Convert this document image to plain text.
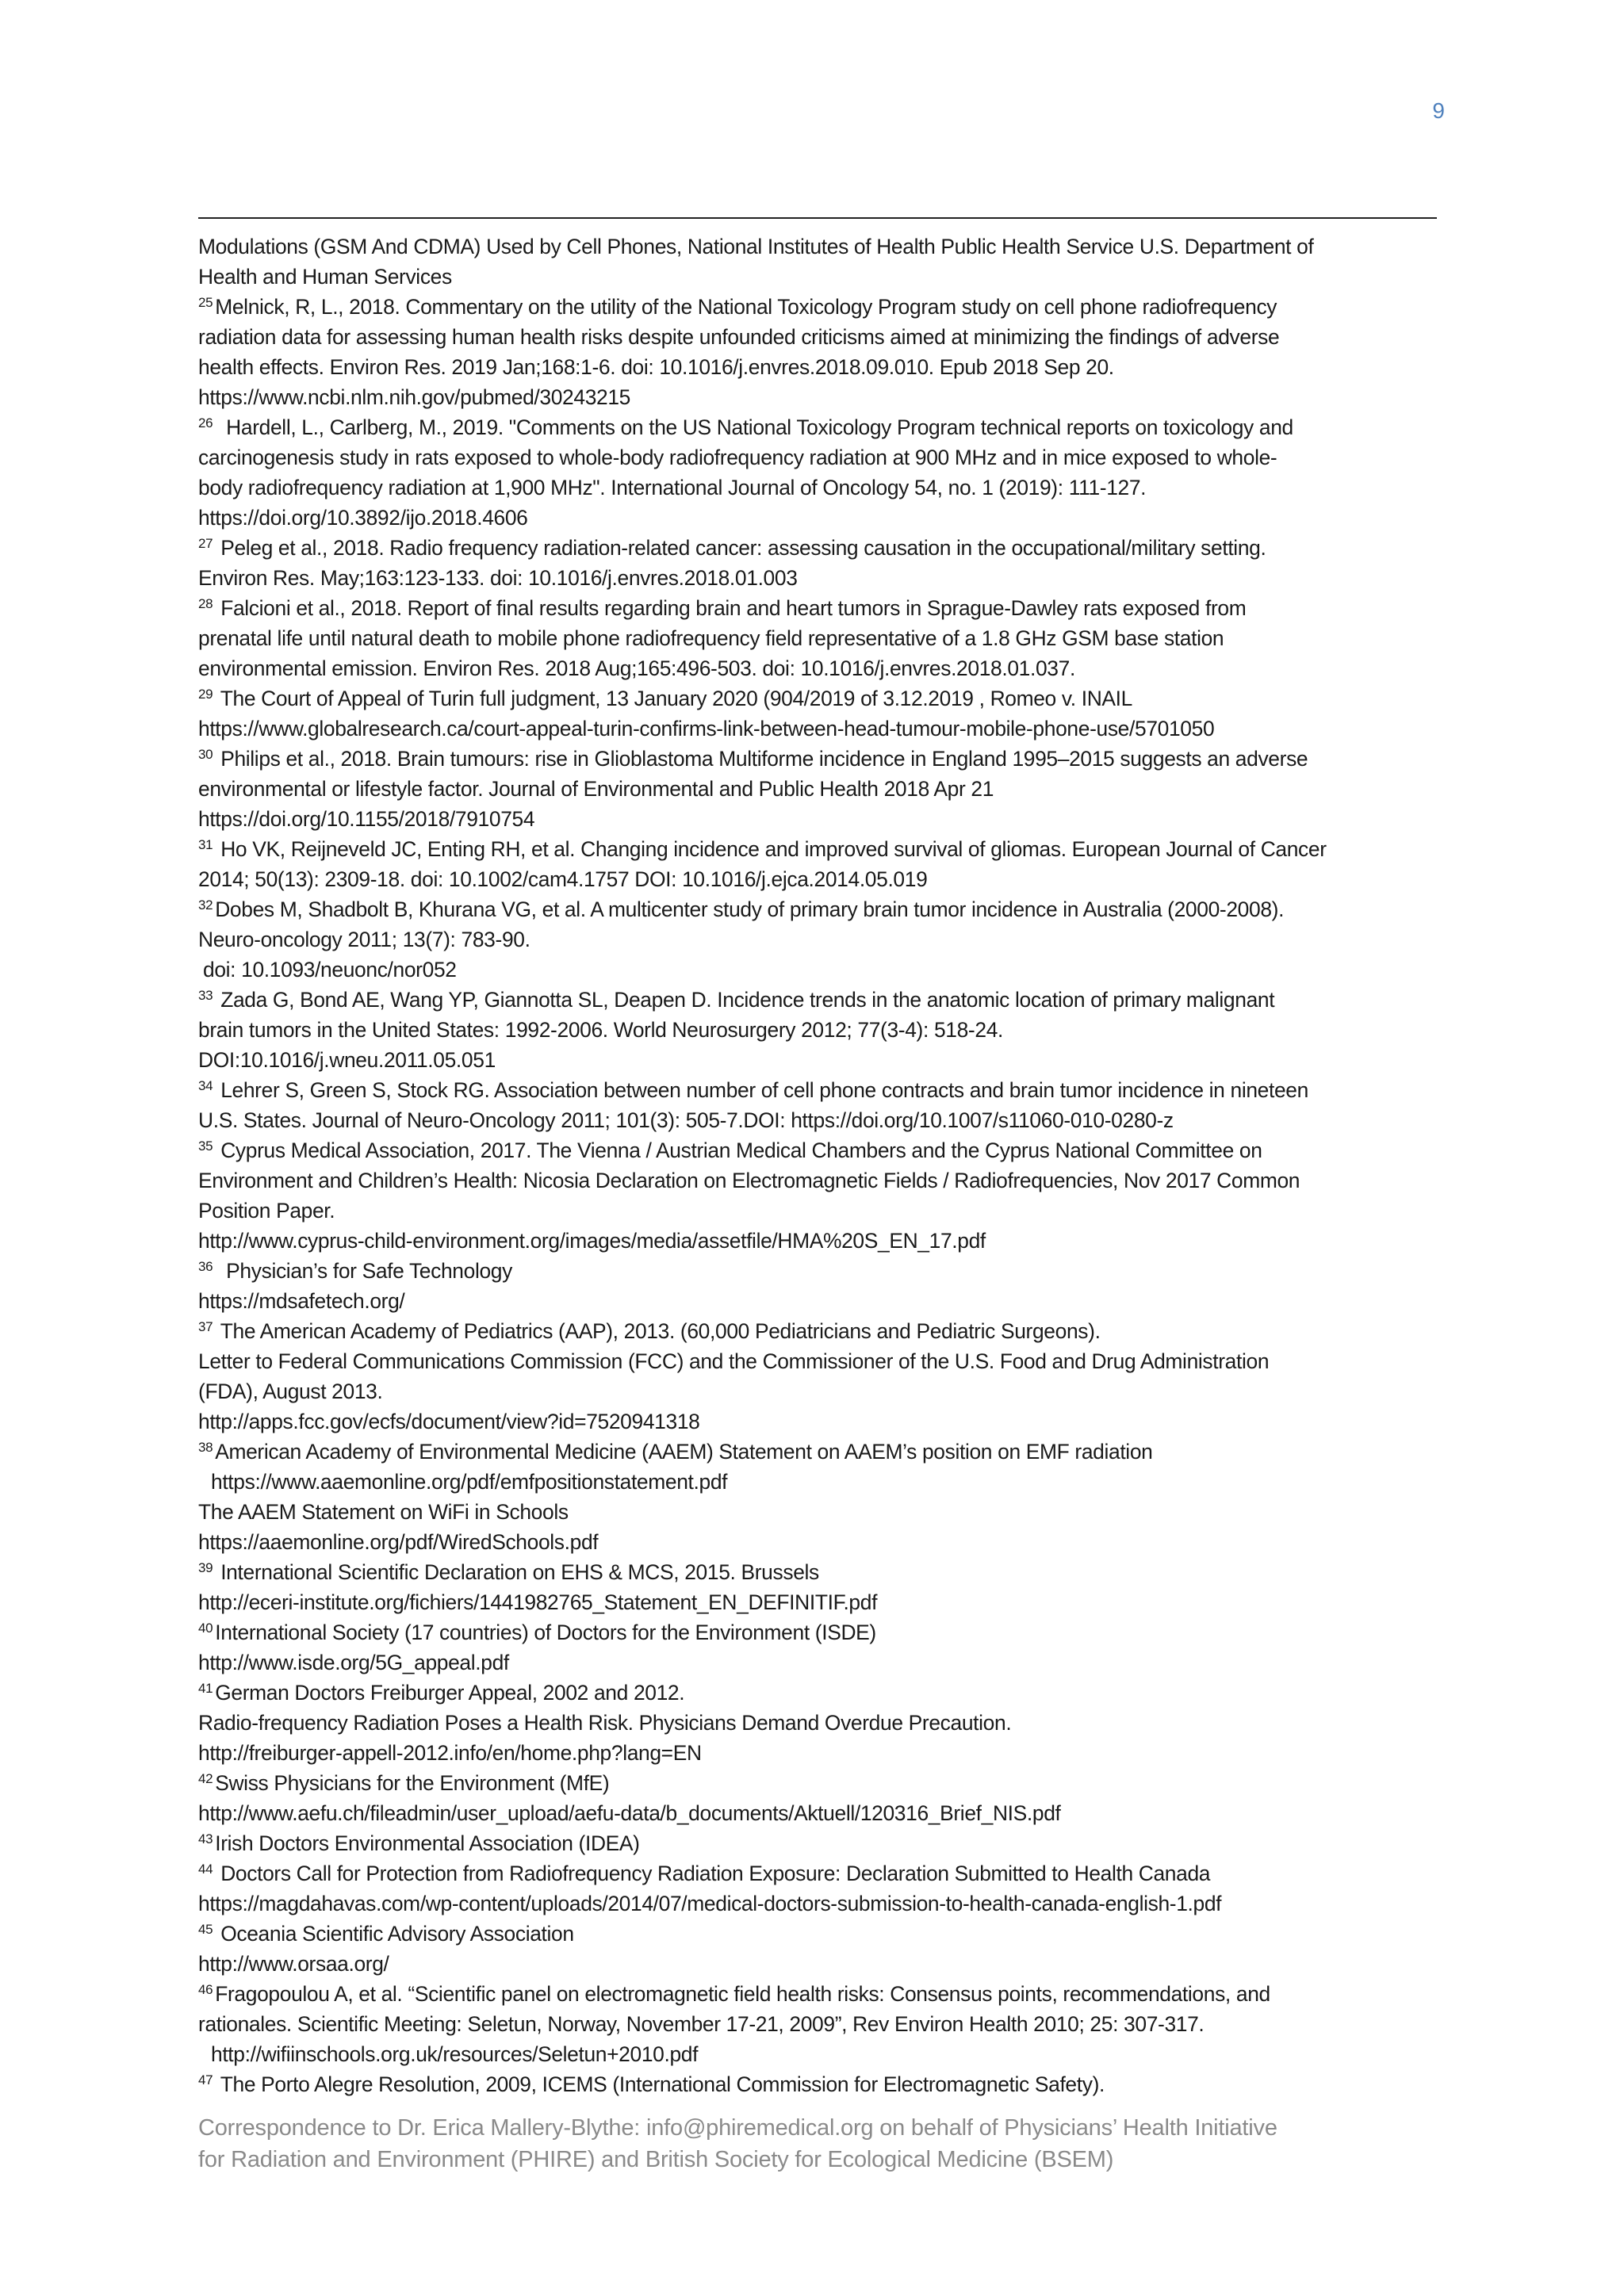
9
Modulations (GSM And CDMA) Used by Cell Phones, National Institutes of Health Public Health Service U.S. Department of
Health and Human Services
$^{25}$ Melnick, R, L., 2018. Commentary on the utility of the National Toxicology Program study on cell phone radiofrequency
radiation data for assessing human health risks despite unfounded criticisms aimed at minimizing the findings of adverse
health effects. Environ Res. 2019 Jan;168:1-6. doi: 10.1016/j.envres.2018.09.010. Epub 2018 Sep 20.
https://www.ncbi.nlm.nih.gov/pubmed/30243215
$^{26}$  Hardell, L., Carlberg, M., 2019. "Comments on the US National Toxicology Program technical reports on toxicology and
carcinogenesis study in rats exposed to whole-body radiofrequency radiation at 900 MHz and in mice exposed to whole-
body radiofrequency radiation at 1,900 MHz". International Journal of Oncology 54, no. 1 (2019): 111-127.
https://doi.org/10.3892/ijo.2018.4606
$^{27}$ Peleg et al., 2018. Radio frequency radiation-related cancer: assessing causation in the occupational/military setting.
Environ Res. May;163:123-133. doi: 10.1016/j.envres.2018.01.003
$^{28}$ Falcioni et al., 2018. Report of final results regarding brain and heart tumors in Sprague-Dawley rats exposed from
prenatal life until natural death to mobile phone radiofrequency field representative of a 1.8 GHz GSM base station
environmental emission. Environ Res. 2018 Aug;165:496-503. doi: 10.1016/j.envres.2018.01.037.
$^{29}$ The Court of Appeal of Turin full judgment, 13 January 2020 (904/2019 of 3.12.2019 , Romeo v. INAIL
https://www.globalresearch.ca/court-appeal-turin-confirms-link-between-head-tumour-mobile-phone-use/5701050
$^{30}$ Philips et al., 2018. Brain tumours: rise in Glioblastoma Multiforme incidence in England 1995–2015 suggests an adverse
environmental or lifestyle factor. Journal of Environmental and Public Health 2018 Apr 21
https://doi.org/10.1155/2018/7910754
$^{31}$ Ho VK, Reijneveld JC, Enting RH, et al. Changing incidence and improved survival of gliomas. European Journal of Cancer
2014; 50(13): 2309-18. doi: 10.1002/cam4.1757 DOI: 10.1016/j.ejca.2014.05.019
$^{32}$ Dobes M, Shadbolt B, Khurana VG, et al. A multicenter study of primary brain tumor incidence in Australia (2000-2008).
Neuro-oncology 2011; 13(7): 783-90.
doi: 10.1093/neuonc/nor052
$^{33}$ Zada G, Bond AE, Wang YP, Giannotta SL, Deapen D. Incidence trends in the anatomic location of primary malignant
brain tumors in the United States: 1992-2006. World Neurosurgery 2012; 77(3-4): 518-24.
DOI:10.1016/j.wneu.2011.05.051
$^{34}$ Lehrer S, Green S, Stock RG. Association between number of cell phone contracts and brain tumor incidence in nineteen
U.S. States. Journal of Neuro-Oncology 2011; 101(3): 505-7.DOI: https://doi.org/10.1007/s11060-010-0280-z
$^{35}$ Cyprus Medical Association, 2017. The Vienna / Austrian Medical Chambers and the Cyprus National Committee on
Environment and Children’s Health: Nicosia Declaration on Electromagnetic Fields / Radiofrequencies, Nov 2017 Common
Position Paper.
http://www.cyprus-child-environment.org/images/media/assetfile/HMA%20S_EN_17.pdf
$^{36}$  Physician’s for Safe Technology
https://mdsafetech.org/
$^{37}$ The American Academy of Pediatrics (AAP), 2013. (60,000 Pediatricians and Pediatric Surgeons).
Letter to Federal Communications Commission (FCC) and the Commissioner of the U.S. Food and Drug Administration
(FDA), August 2013.
http://apps.fcc.gov/ecfs/document/view?id=7520941318
$^{38}$ American Academy of Environmental Medicine (AAEM) Statement on AAEM’s position on EMF radiation
https://www.aaemonline.org/pdf/emfpositionstatement.pdf
The AAEM Statement on WiFi in Schools
https://aaemonline.org/pdf/WiredSchools.pdf
$^{39}$ International Scientific Declaration on EHS & MCS, 2015. Brussels
http://eceri-institute.org/fichiers/1441982765_Statement_EN_DEFINITIF.pdf
$^{40}$ International Society (17 countries) of Doctors for the Environment (ISDE)
http://www.isde.org/5G_appeal.pdf
$^{41}$ German Doctors Freiburger Appeal, 2002 and 2012.
Radio-frequency Radiation Poses a Health Risk. Physicians Demand Overdue Precaution.
http://freiburger-appell-2012.info/en/home.php?lang=EN
$^{42}$ Swiss Physicians for the Environment (MfE)
http://www.aefu.ch/fileadmin/user_upload/aefu-data/b_documents/Aktuell/120316_Brief_NIS.pdf
$^{43}$ Irish Doctors Environmental Association (IDEA)
$^{44}$ Doctors Call for Protection from Radiofrequency Radiation Exposure: Declaration Submitted to Health Canada
https://magdahavas.com/wp-content/uploads/2014/07/medical-doctors-submission-to-health-canada-english-1.pdf
$^{45}$ Oceania Scientific Advisory Association
http://www.orsaa.org/
$^{46}$ Fragopoulou A, et al. “Scientific panel on electromagnetic field health risks: Consensus points, recommendations, and
rationales. Scientific Meeting: Seletun, Norway, November 17-21, 2009”, Rev Environ Health 2010; 25: 307-317.
http://wifiinschools.org.uk/resources/Seletun+2010.pdf
$^{47}$ The Porto Alegre Resolution, 2009, ICEMS (International Commission for Electromagnetic Safety).
Correspondence to Dr. Erica Mallery-Blythe: info@phiremedical.org on behalf of Physicians’ Health Initiative
for Radiation and Environment (PHIRE) and British Society for Ecological Medicine (BSEM)
